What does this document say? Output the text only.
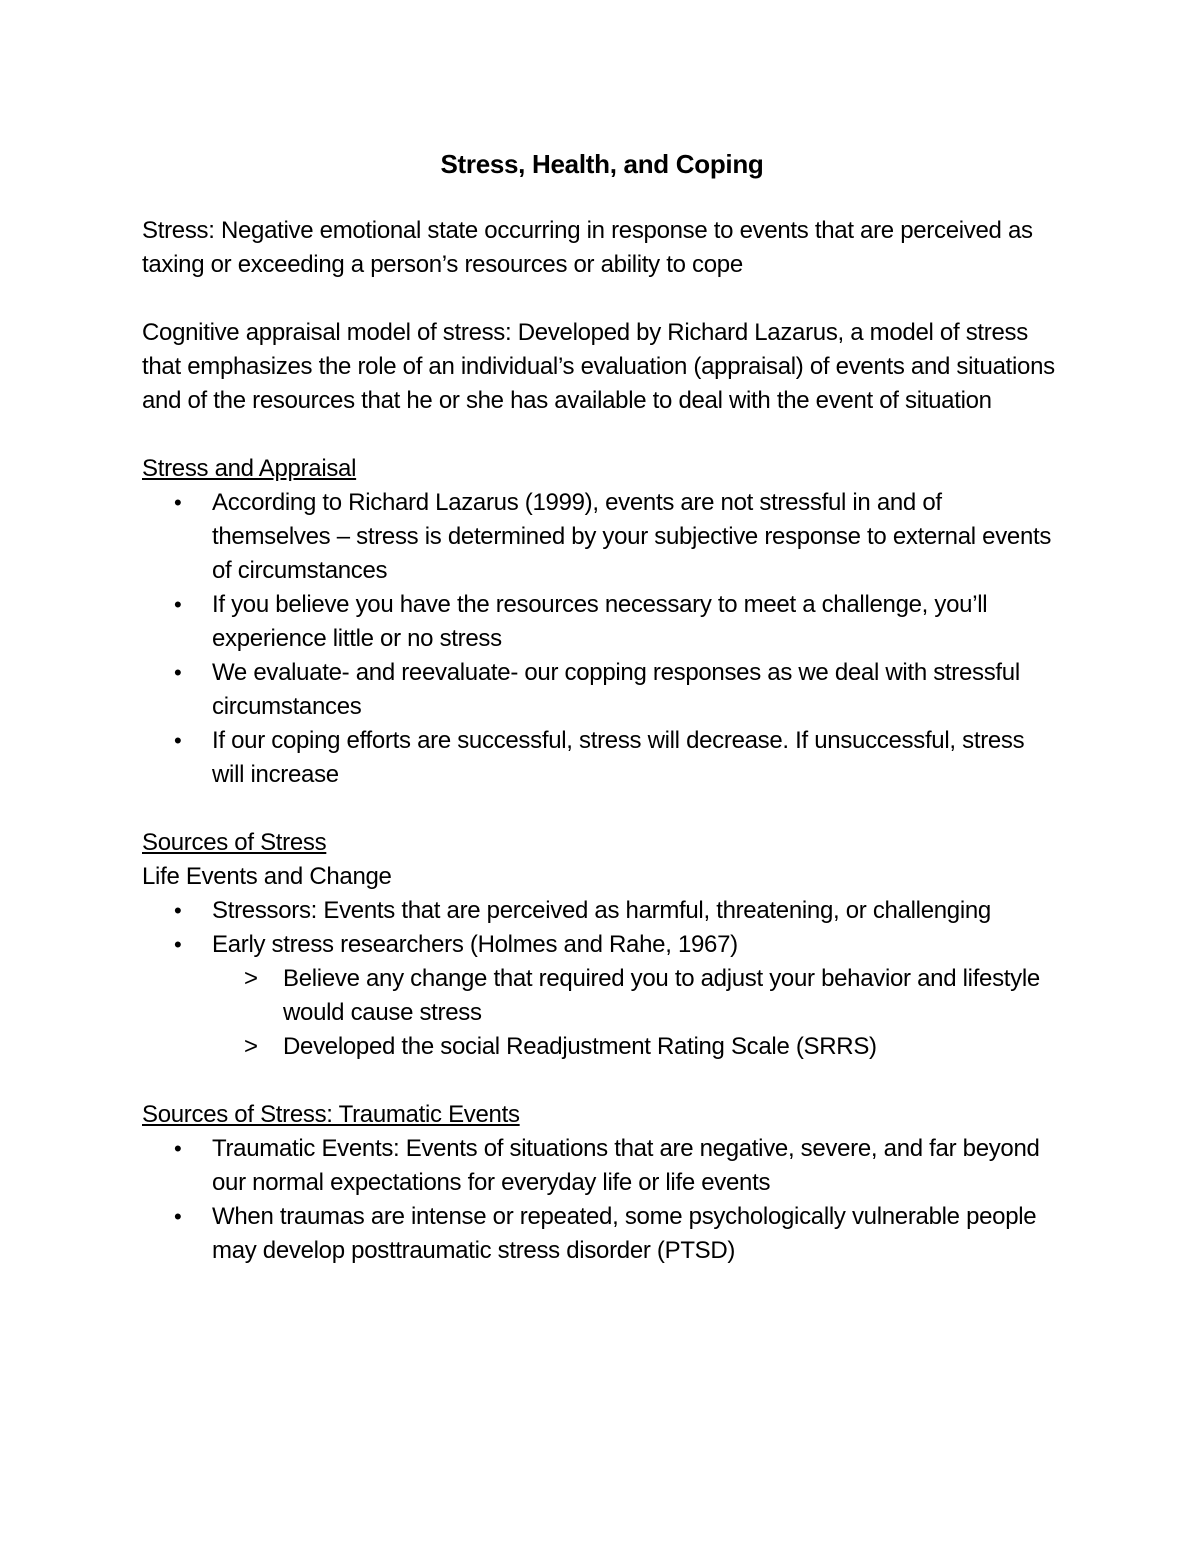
Stress, Health, and Coping

Stress: Negative emotional state occurring in response to events that are perceived as taxing or exceeding a person’s resources or ability to cope

Cognitive appraisal model of stress: Developed by Richard Lazarus, a model of stress that emphasizes the role of an individual’s evaluation (appraisal) of events and situations and of the resources that he or she has available to deal with the event of situation

Stress and Appraisal

• According to Richard Lazarus (1999), events are not stressful in and of themselves – stress is determined by your subjective response to external events of circumstances
• If you believe you have the resources necessary to meet a challenge, you’ll experience little or no stress
• We evaluate- and reevaluate- our copping responses as we deal with stressful circumstances
• If our coping efforts are successful, stress will decrease. If unsuccessful, stress will increase

Sources of Stress

Life Events and Change

• Stressors: Events that are perceived as harmful, threatening, or challenging
• Early stress researchers (Holmes and Rahe, 1967)
> Believe any change that required you to adjust your behavior and lifestyle would cause stress
> Developed the social Readjustment Rating Scale (SRRS)

Sources of Stress: Traumatic Events

• Traumatic Events: Events of situations that are negative, severe, and far beyond our normal expectations for everyday life or life events
• When traumas are intense or repeated, some psychologically vulnerable people may develop posttraumatic stress disorder (PTSD)
